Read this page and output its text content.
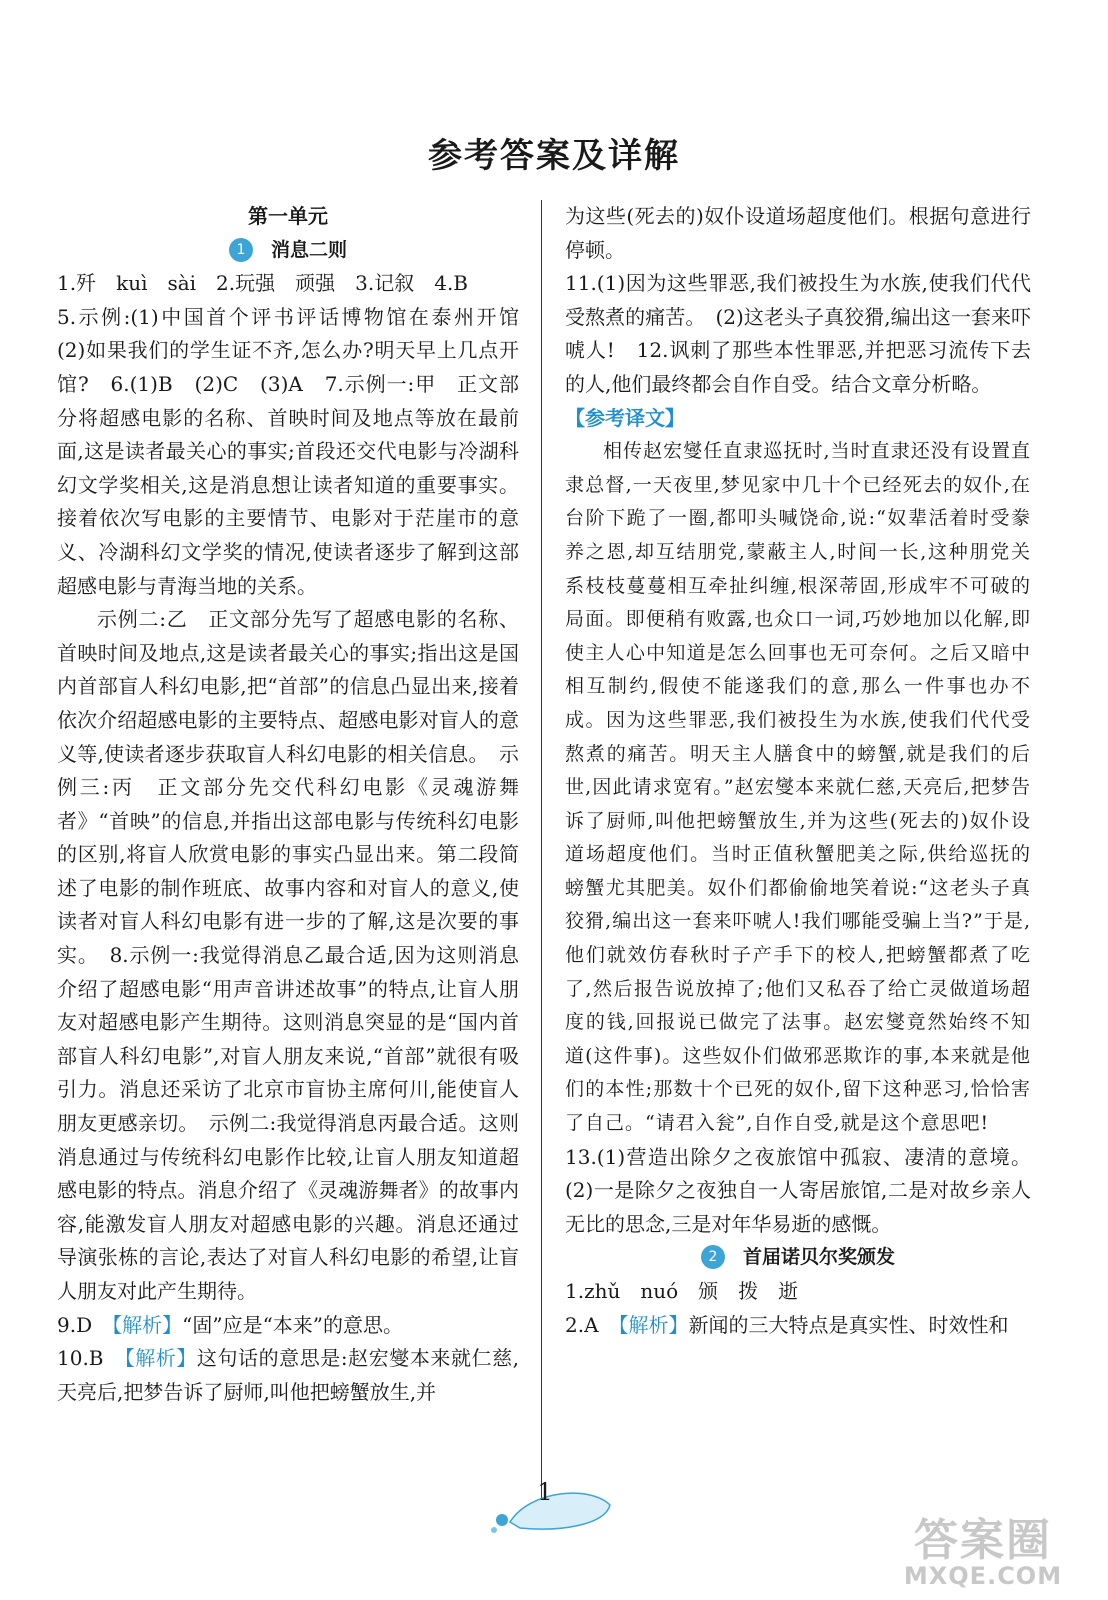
参考答案及详解

第一单元

1 消息二则

1.歼　kuì　sài　2.玩强　顽强　3.记叙　4.B

5.示例:(1)中国首个评书评话博物馆在泰州开馆　(2)如果我们的学生证不齐,怎么办?明天早上几点开馆?　6.(1)B　(2)C　(3)A　7.示例一:甲　正文部分将超感电影的名称、首映时间及地点等放在最前面,这是读者最关心的事实;首段还交代电影与冷湖科幻文学奖相关,这是消息想让读者知道的重要事实。接着依次写电影的主要情节、电影对于茫崖市的意义、冷湖科幻文学奖的情况,使读者逐步了解到这部超感电影与青海当地的关系。

示例二:乙　正文部分先写了超感电影的名称、首映时间及地点,这是读者最关心的事实;指出这是国内首部盲人科幻电影,把“首部”的信息凸显出来,接着依次介绍超感电影的主要特点、超感电影对盲人的意义等,使读者逐步获取盲人科幻电影的相关信息。　示例三:丙　正文部分先交代科幻电影《灵魂游舞者》“首映”的信息,并指出这部电影与传统科幻电影的区别,将盲人欣赏电影的事实凸显出来。第二段简述了电影的制作班底、故事内容和对盲人的意义,使读者对盲人科幻电影有进一步的了解,这是次要的事实。　8.示例一:我觉得消息乙最合适,因为这则消息介绍了超感电影“用声音讲述故事”的特点,让盲人朋友对超感电影产生期待。这则消息突显的是“国内首部盲人科幻电影”,对盲人朋友来说,“首部”就很有吸引力。消息还采访了北京市盲协主席何川,能使盲人朋友更感亲切。　示例二:我觉得消息丙最合适。这则消息通过与传统科幻电影作比较,让盲人朋友知道超感电影的特点。消息介绍了《灵魂游舞者》的故事内容,能激发盲人朋友对超感电影的兴趣。消息还通过导演张栋的言论,表达了对盲人科幻电影的希望,让盲人朋友对此产生期待。

9.D　【解析】“固”应是“本来”的意思。

10.B　【解析】这句话的意思是:赵宏燮本来就仁慈,天亮后,把梦告诉了厨师,叫他把螃蟹放生,并

为这些(死去的)奴仆设道场超度他们。根据句意进行停顿。

11.(1)因为这些罪恶,我们被投生为水族,使我们代代受熬煮的痛苦。　(2)这老头子真狡猾,编出这一套来吓唬人!　12.讽刺了那些本性罪恶,并把恶习流传下去的人,他们最终都会自作自受。结合文章分析略。

【参考译文】

相传赵宏燮任直隶巡抚时,当时直隶还没有设置直隶总督,一天夜里,梦见家中几十个已经死去的奴仆,在台阶下跪了一圈,都叩头喊饶命,说:“奴辈活着时受豢养之恩,却互结朋党,蒙蔽主人,时间一长,这种朋党关系枝枝蔓蔓相互牵扯纠缠,根深蒂固,形成牢不可破的局面。即便稍有败露,也众口一词,巧妙地加以化解,即使主人心中知道是怎么回事也无可奈何。之后又暗中相互制约,假使不能遂我们的意,那么一件事也办不成。因为这些罪恶,我们被投生为水族,使我们代代受熬煮的痛苦。明天主人膳食中的螃蟹,就是我们的后世,因此请求宽宥。”赵宏燮本来就仁慈,天亮后,把梦告诉了厨师,叫他把螃蟹放生,并为这些(死去的)奴仆设道场超度他们。当时正值秋蟹肥美之际,供给巡抚的螃蟹尤其肥美。奴仆们都偷偷地笑着说:“这老头子真狡猾,编出这一套来吓唬人!我们哪能受骗上当?”于是,他们就效仿春秋时子产手下的校人,把螃蟹都煮了吃了,然后报告说放掉了;他们又私吞了给亡灵做道场超度的钱,回报说已做完了法事。赵宏燮竟然始终不知道(这件事)。这些奴仆们做邪恶欺诈的事,本来就是他们的本性;那数十个已死的奴仆,留下这种恶习,恰恰害了自己。“请君入瓮”,自作自受,就是这个意思吧!

13.(1)营造出除夕之夜旅馆中孤寂、凄清的意境。(2)一是除夕之夜独自一人寄居旅馆,二是对故乡亲人无比的思念,三是对年华易逝的感慨。

2 首届诺贝尔奖颁发

1.zhǔ　nuó　颁　拨　逝

2.A　【解析】新闻的三大特点是真实性、时效性和

1
答案圈
MXQE.COM
